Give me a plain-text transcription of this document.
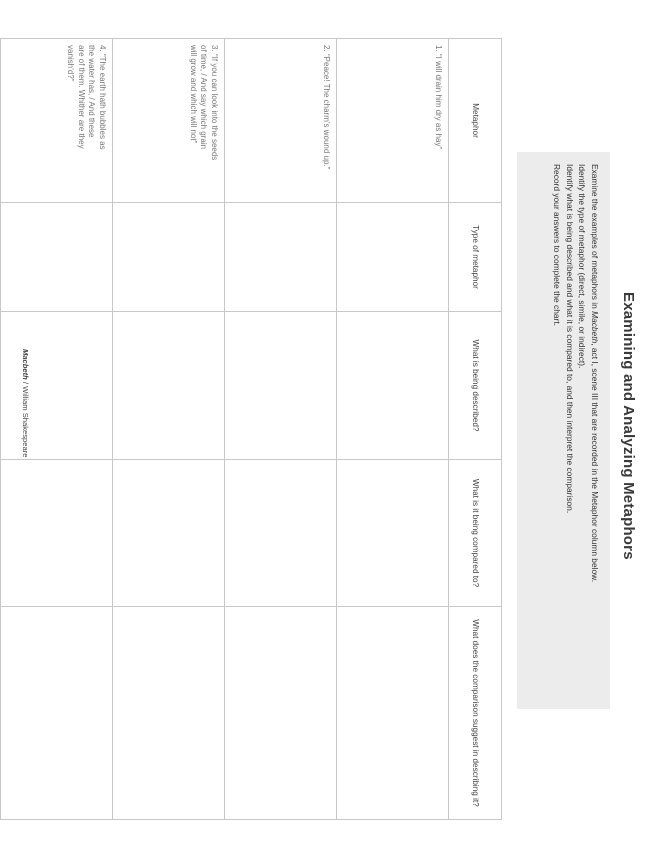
Examining and Analyzing Metaphors

Examine the examples of metaphors in Macbeth, act I, scene III that are recorded in the Metaphor column below.

Identify the type of metaphor (direct, simile, or indirect).

Identify what is being described and what it is compared to, and then interpret the comparison.

Record your answers to complete the chart.

Metaphor	Type of metaphor	What is being described?	What is it being compared to?	What does the comparison suggest in describing it?

1.“I will drain him dry as hay”				

2.“Peace! The charm’s wound up.”				

3.“If you can look into the seeds
of time, / And say which grain
will grow and which will not”				

4.“The earth hath bubbles as
the water has, / And these
are of them. Whither are they
vanish’d?”				

Macbeth / William Shakespeare
